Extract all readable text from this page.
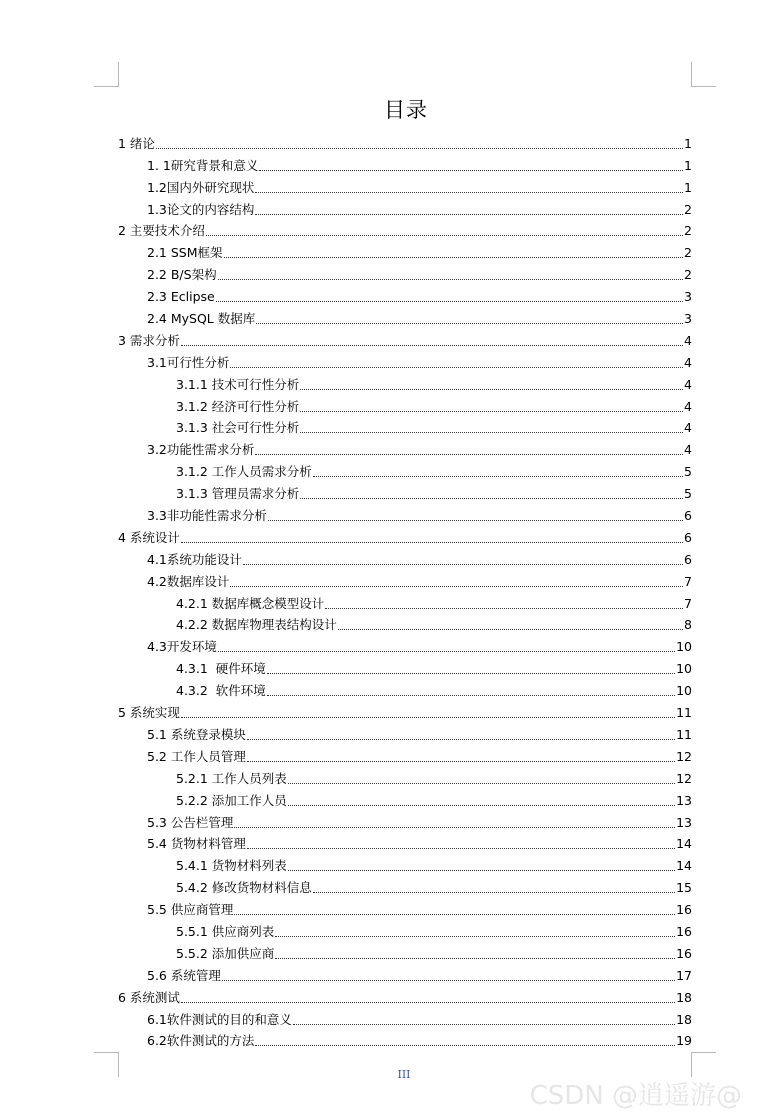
目录
1 绪论	1
1. 1研究背景和意义	1
1.2国内外研究现状	1
1.3论文的内容结构	2
2 主要技术介绍	2
2.1 SSM框架	2
2.2 B/S架构	2
2.3 Eclipse	3
2.4 MySQL 数据库	3
3 需求分析	4
3.1可行性分析	4
3.1.1 技术可行性分析	4
3.1.2 经济可行性分析	4
3.1.3 社会可行性分析	4
3.2功能性需求分析	4
3.1.2 工作人员需求分析	5
3.1.3 管理员需求分析	5
3.3非功能性需求分析	6
4 系统设计	6
4.1系统功能设计	6
4.2数据库设计	7
4.2.1 数据库概念模型设计	7
4.2.2 数据库物理表结构设计	8
4.3开发环境	10
4.3.1  硬件环境	10
4.3.2  软件环境	10
5 系统实现	11
5.1 系统登录模块	11
5.2 工作人员管理	12
5.2.1 工作人员列表	12
5.2.2 添加工作人员	13
5.3 公告栏管理	13
5.4 货物材料管理	14
5.4.1 货物材料列表	14
5.4.2 修改货物材料信息	15
5.5 供应商管理	16
5.5.1 供应商列表	16
5.5.2 添加供应商	16
5.6 系统管理	17
6 系统测试	18
6.1软件测试的目的和意义	18
6.2软件测试的方法	19
III
CSDN @逍遥游@
